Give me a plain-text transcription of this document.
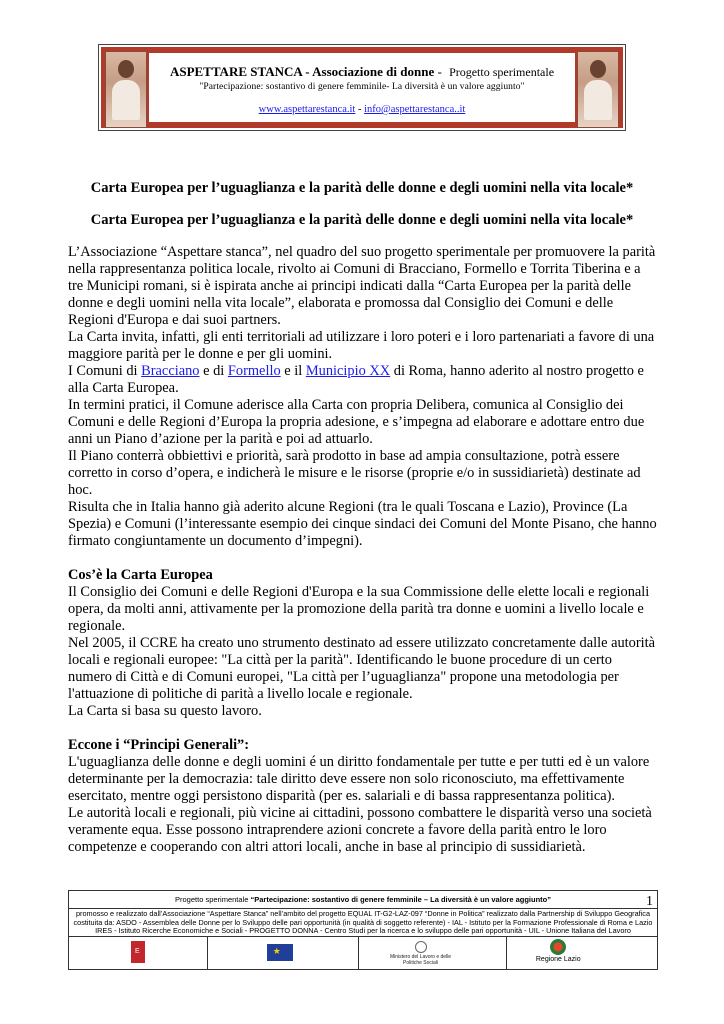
ASPETTARE STANCA - Associazione di donne - Progetto sperimentale
"Partecipazione: sostantivo di genere femminile- La diversità è un valore aggiunto"
www.aspettarestanca.it - info@aspettarestanca..it
Carta Europea per l’uguaglianza e la parità delle donne e degli uomini nella vita locale*
Carta Europea per l’uguaglianza e la parità delle donne e degli uomini nella vita locale*

L’Associazione “Aspettare stanca”, nel quadro del suo progetto sperimentale per promuovere la parità nella rappresentanza politica locale, rivolto ai Comuni di Bracciano, Formello e Torrita Tiberina e a tre Municipi romani, si è ispirata anche ai principi indicati dalla “Carta Europea per la parità delle donne e degli uomini nella vita locale”, elaborata e promossa dal Consiglio dei Comuni e delle Regioni d'Europa e dai suoi partners.

La Carta invita, infatti, gli enti territoriali ad utilizzare i loro poteri e i loro partenariati a favore di una maggiore parità per le donne e per gli uomini.

I Comuni di Bracciano e di Formello e il Municipio XX di Roma, hanno aderito al nostro progetto e alla Carta Europea.

In termini pratici, il Comune aderisce alla Carta con propria Delibera, comunica al Consiglio dei Comuni e delle Regioni d’Europa la propria adesione, e s’impegna ad elaborare e adottare entro due anni un Piano d’azione per la parità e poi ad attuarlo.

Il Piano conterrà obbiettivi e priorità, sarà prodotto in base ad ampia consultazione, potrà essere corretto in corso d’opera, e indicherà le misure e le risorse (proprie e/o in sussidiarietà) destinate ad hoc.

Risulta che in Italia hanno già aderito alcune Regioni (tra le quali Toscana e Lazio), Province (La Spezia) e Comuni (l’interessante esempio dei cinque sindaci dei Comuni del Monte Pisano, che hanno firmato congiuntamente un documento d’impegni).

Cos’è la Carta Europea

Il Consiglio dei Comuni e delle Regioni d'Europa e la sua Commissione delle elette locali e regionali opera, da molti anni, attivamente per la promozione della parità tra donne e uomini a livello locale e regionale.

Nel 2005, il CCRE ha creato uno strumento destinato ad essere utilizzato concretamente dalle autorità locali e regionali europee: "La città per la parità". Identificando le buone procedure di un certo numero di Città e di Comuni europei, "La città per l’uguaglianza" propone una metodologia per l'attuazione di politiche di parità a livello locale e regionale.

La Carta si basa su questo lavoro.

Eccone i “Principi Generali”:

L'uguaglianza delle donne e degli uomini é un diritto fondamentale per tutte e per tutti ed è un valore determinante per la democrazia: tale diritto deve essere non solo riconosciuto, ma effettivamente esercitato, mentre oggi persistono disparità (per es. salariali e di bassa rappresentanza politica).

Le autorità locali e regionali, più vicine ai cittadini, possono combattere le disparità verso una società veramente equa. Esse possono intraprendere azioni concrete a favore della parità entro le loro competenze e cooperando con altri attori locali, anche in base al principio di sussidiarietà.

Progetto sperimentale “Partecipazione: sostantivo di genere femminile – La diversità è un valore aggiunto”
promosso e realizzato dall’Associazione “Aspettare Stanca” nell’ambito del progetto EQUAL IT-G2-LAZ-097 “Donne in Politica” realizzato dalla Partnership di Sviluppo Geografica costituita da: ASDO - Assemblea delle Donne per lo Sviluppo delle pari opportunità (in qualità di soggetto referente) - IAL - Istituto per la Formazione Professionale di Roma e Lazio IRES - Istituto Ricerche Economiche e Sociali - PROGETTO DONNA - Centro Studi per la ricerca e lo sviluppo delle pari opportunità - UIL - Unione Italiana del Lavoro
E	★
Ministero del Lavoro e delle Politiche Sociali	Regione Lazio
1
